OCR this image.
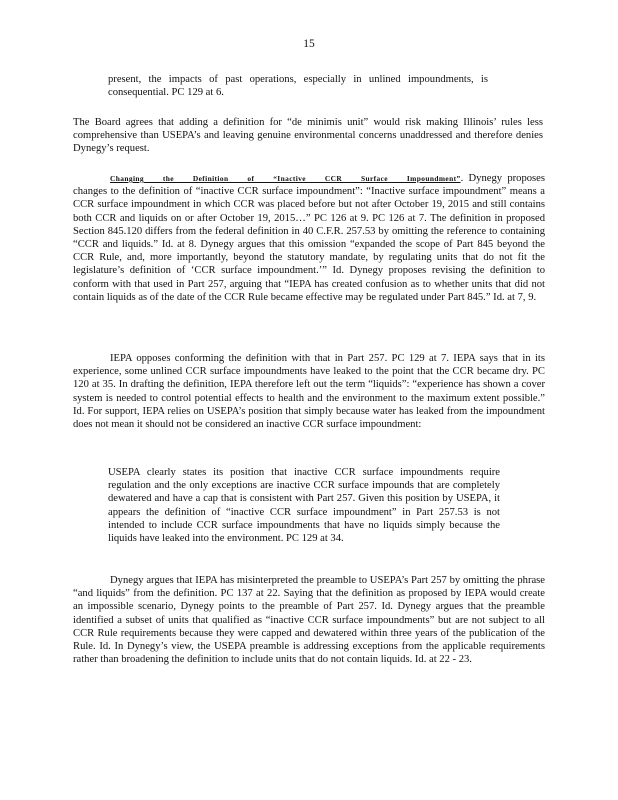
15

present, the impacts of past operations, especially in unlined impoundments, is consequential. PC 129 at 6.

The Board agrees that adding a definition for “de minimis unit” would risk making Illinois’ rules less comprehensive than USEPA’s and leaving genuine environmental concerns unaddressed and therefore denies Dynegy’s request.

Changing the Definition of “Inactive CCR Surface Impoundment”. Dynegy proposes changes to the definition of “inactive CCR surface impoundment”: “Inactive surface impoundment” means a CCR surface impoundment in which CCR was placed before but not after October 19, 2015 and still contains both CCR and liquids on or after October 19, 2015…” PC 126 at 9. PC 126 at 7. The definition in proposed Section 845.120 differs from the federal definition in 40 C.F.R. 257.53 by omitting the reference to containing “CCR and liquids.” Id. at 8. Dynegy argues that this omission “expanded the scope of Part 845 beyond the CCR Rule, and, more importantly, beyond the statutory mandate, by regulating units that do not fit the legislature’s definition of ‘CCR surface impoundment.’” Id. Dynegy proposes revising the definition to conform with that used in Part 257, arguing that “IEPA has created confusion as to whether units that did not contain liquids as of the date of the CCR Rule became effective may be regulated under Part 845.” Id. at 7, 9.

IEPA opposes conforming the definition with that in Part 257. PC 129 at 7. IEPA says that in its experience, some unlined CCR surface impoundments have leaked to the point that the CCR became dry. PC 120 at 35. In drafting the definition, IEPA therefore left out the term “liquids”: “experience has shown a cover system is needed to control potential effects to health and the environment to the maximum extent possible.” Id. For support, IEPA relies on USEPA’s position that simply because water has leaked from the impoundment does not mean it should not be considered an inactive CCR surface impoundment:

USEPA clearly states its position that inactive CCR surface impoundments require regulation and the only exceptions are inactive CCR surface impounds that are completely dewatered and have a cap that is consistent with Part 257. Given this position by USEPA, it appears the definition of “inactive CCR surface impoundment” in Part 257.53 is not intended to include CCR surface impoundments that have no liquids simply because the liquids have leaked into the environment. PC 129 at 34.

Dynegy argues that IEPA has misinterpreted the preamble to USEPA’s Part 257 by omitting the phrase “and liquids” from the definition. PC 137 at 22. Saying that the definition as proposed by IEPA would create an impossible scenario, Dynegy points to the preamble of Part 257. Id. Dynegy argues that the preamble identified a subset of units that qualified as “inactive CCR surface impoundments” but are not subject to all CCR Rule requirements because they were capped and dewatered within three years of the publication of the Rule. Id. In Dynegy’s view, the USEPA preamble is addressing exceptions from the applicable requirements rather than broadening the definition to include units that do not contain liquids. Id. at 22 - 23.
